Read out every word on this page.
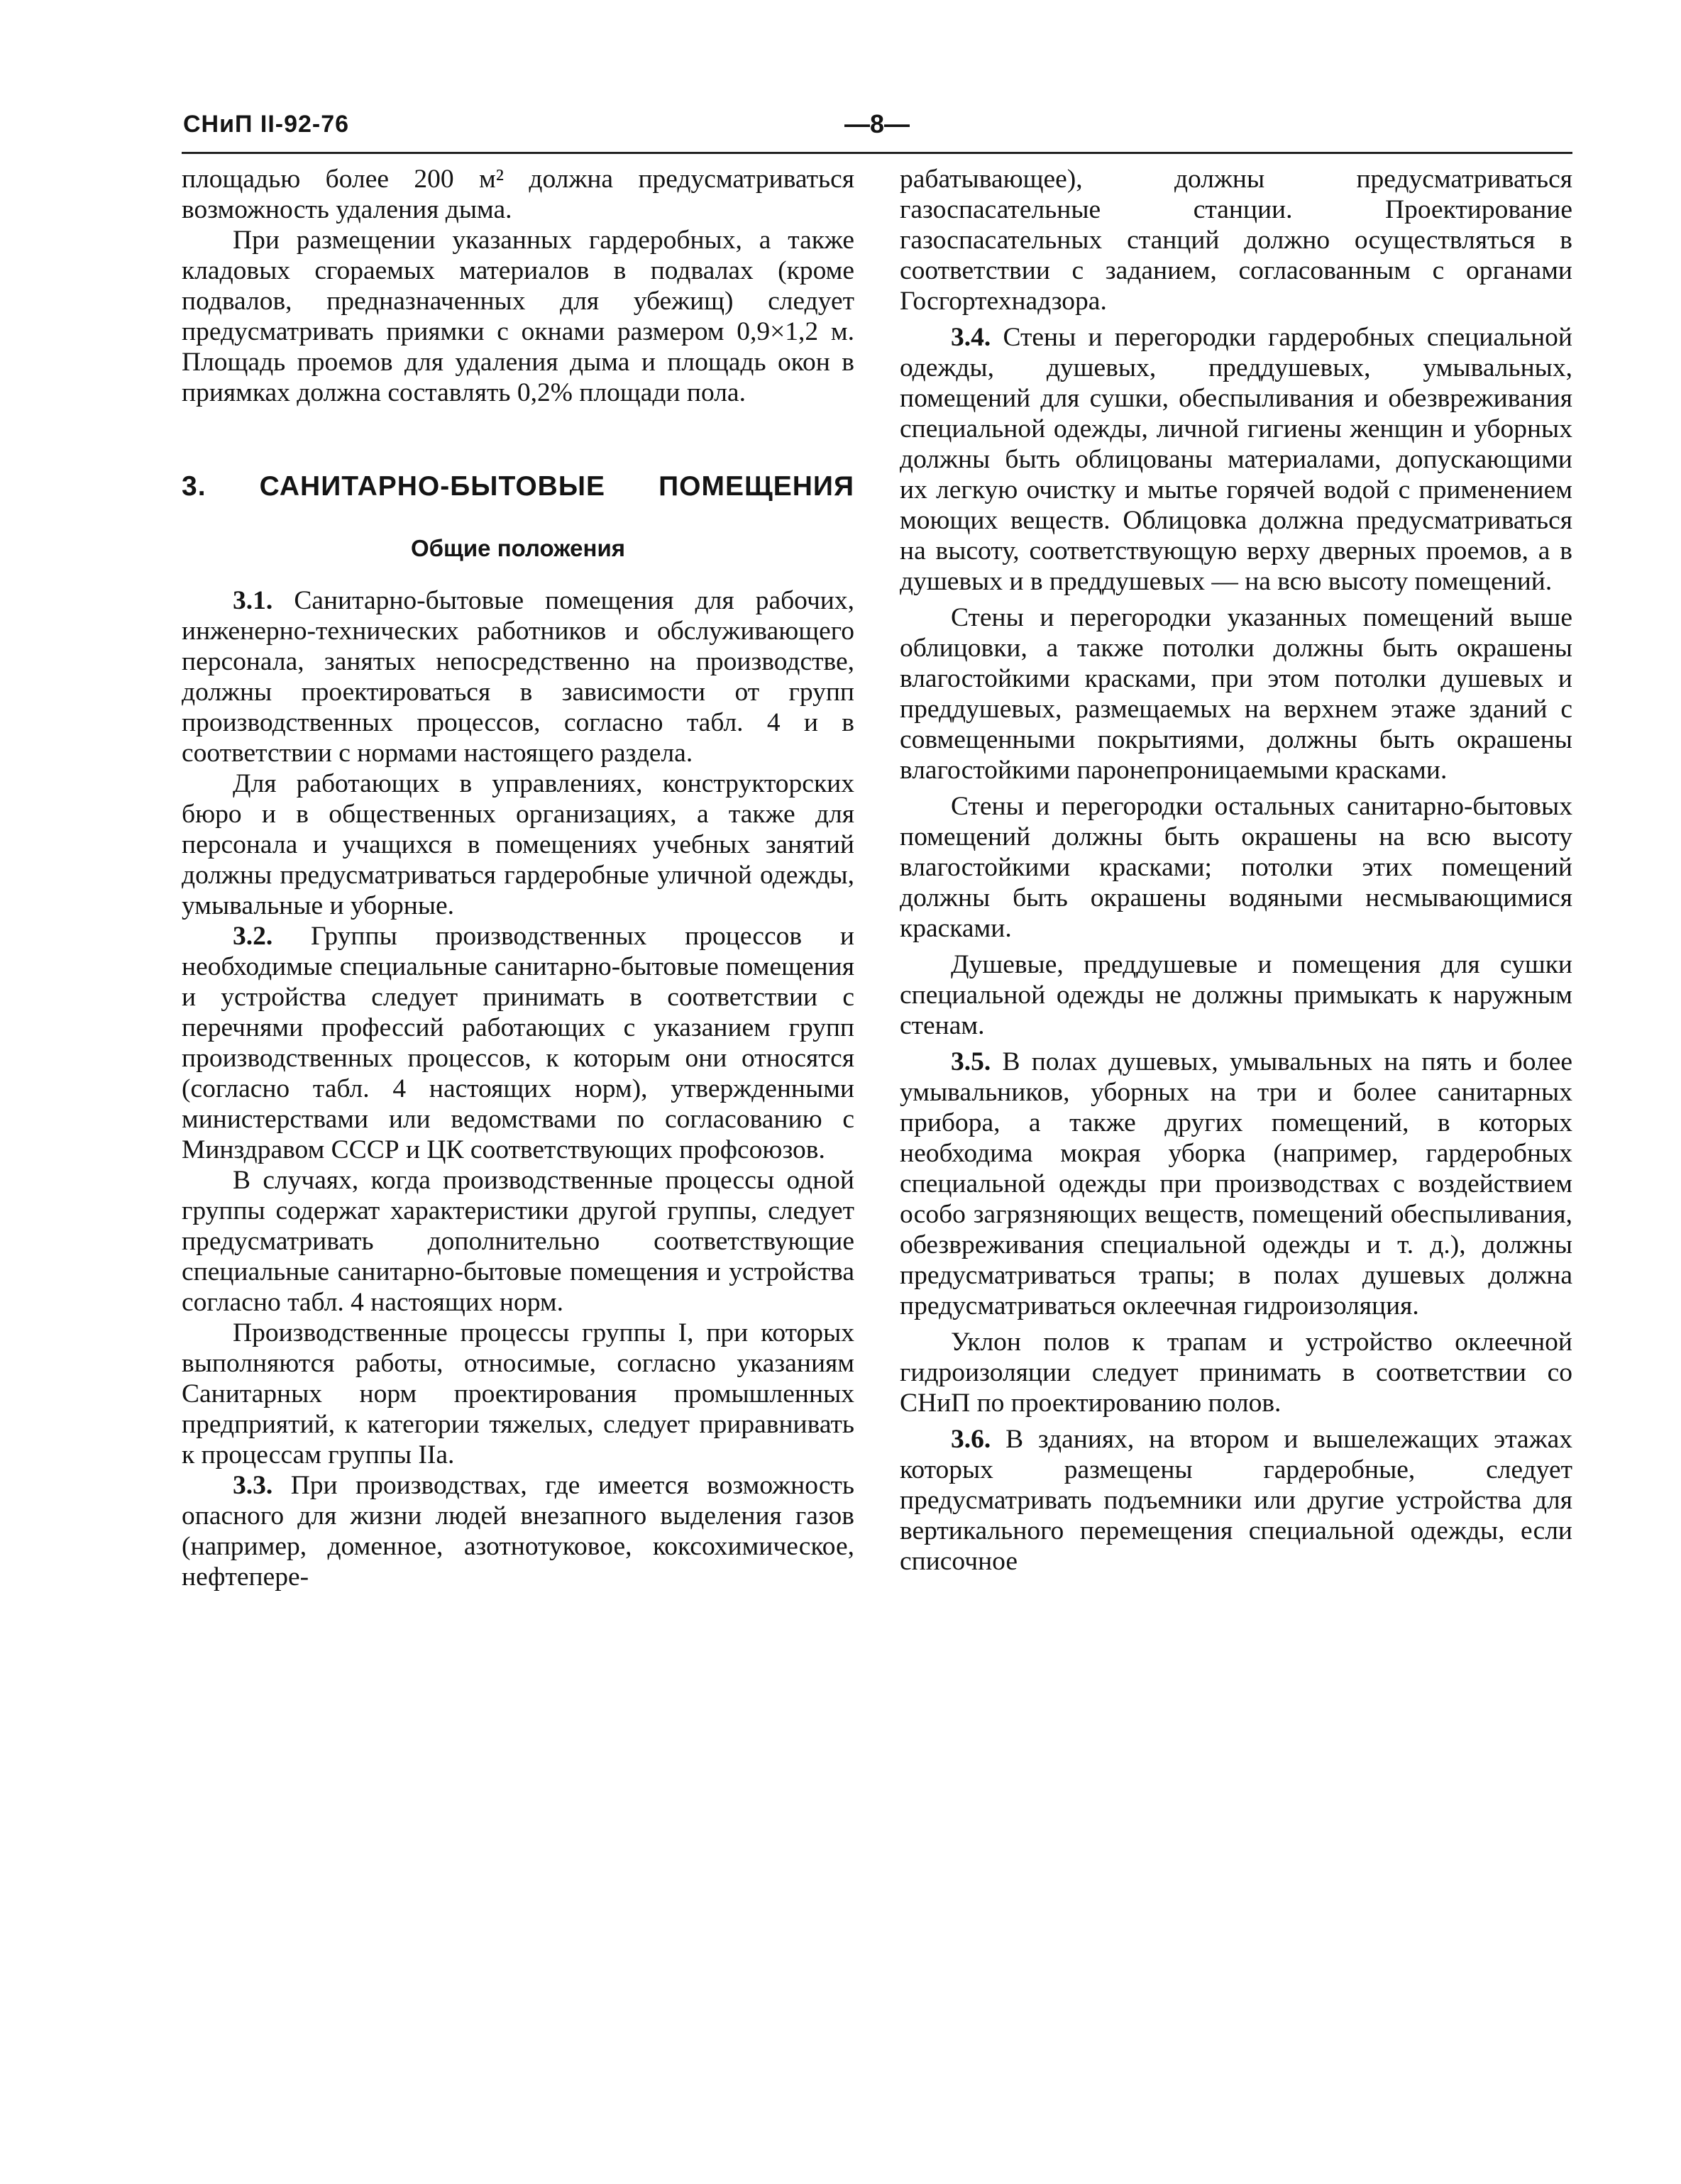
СНиП II-92-76	—8—

площадью более 200 м² должна предусматриваться возможность удаления дыма.

При размещении указанных гардеробных, а также кладовых сгораемых материалов в подвалах (кроме подвалов, предназначенных для убежищ) следует предусматривать приямки с окнами размером 0,9×1,2 м. Площадь проемов для удаления дыма и площадь окон в приямках должна составлять 0,2% площади пола.

3. САНИТАРНО-БЫТОВЫЕ ПОМЕЩЕНИЯ
Общие положения

3.1. Санитарно-бытовые помещения для рабочих, инженерно-технических работников и обслуживающего персонала, занятых непосредственно на производстве, должны проектироваться в зависимости от групп производственных процессов, согласно табл. 4 и в соответствии с нормами настоящего раздела.

Для работающих в управлениях, конструкторских бюро и в общественных организациях, а также для персонала и учащихся в помещениях учебных занятий должны предусматриваться гардеробные уличной одежды, умывальные и уборные.

3.2. Группы производственных процессов и необходимые специальные санитарно-бытовые помещения и устройства следует принимать в соответствии с перечнями профессий работающих с указанием групп производственных процессов, к которым они относятся (согласно табл. 4 настоящих норм), утвержденными министерствами или ведомствами по согласованию с Минздравом СССР и ЦК соответствующих профсоюзов.

В случаях, когда производственные процессы одной группы содержат характеристики другой группы, следует предусматривать дополнительно соответствующие специальные санитарно-бытовые помещения и устройства согласно табл. 4 настоящих норм.

Производственные процессы группы I, при которых выполняются работы, относимые, согласно указаниям Санитарных норм проектирования промышленных предприятий, к категории тяжелых, следует приравнивать к процессам группы IIа.

3.3. При производствах, где имеется возможность опасного для жизни людей внезапного выделения газов (например, доменное, азотнотуковое, коксохимическое, нефтепере-

рабатывающее), должны предусматриваться газоспасательные станции. Проектирование газоспасательных станций должно осуществляться в соответствии с заданием, согласованным с органами Госгортехнадзора.

3.4. Стены и перегородки гардеробных специальной одежды, душевых, преддушевых, умывальных, помещений для сушки, обеспыливания и обезвреживания специальной одежды, личной гигиены женщин и уборных должны быть облицованы материалами, допускающими их легкую очистку и мытье горячей водой с применением моющих веществ. Облицовка должна предусматриваться на высоту, соответствующую верху дверных проемов, а в душевых и в преддушевых — на всю высоту помещений.

Стены и перегородки указанных помещений выше облицовки, а также потолки должны быть окрашены влагостойкими красками, при этом потолки душевых и преддушевых, размещаемых на верхнем этаже зданий с совмещенными покрытиями, должны быть окрашены влагостойкими паронепроницаемыми красками.

Стены и перегородки остальных санитарно-бытовых помещений должны быть окрашены на всю высоту влагостойкими красками; потолки этих помещений должны быть окрашены водяными несмывающимися красками.

Душевые, преддушевые и помещения для сушки специальной одежды не должны примыкать к наружным стенам.

3.5. В полах душевых, умывальных на пять и более умывальников, уборных на три и более санитарных прибора, а также других помещений, в которых необходима мокрая уборка (например, гардеробных специальной одежды при производствах с воздействием особо загрязняющих веществ, помещений обеспыливания, обезвреживания специальной одежды и т. д.), должны предусматриваться трапы; в полах душевых должна предусматриваться оклеечная гидроизоляция.

Уклон полов к трапам и устройство оклеечной гидроизоляции следует принимать в соответствии со СНиП по проектированию полов.

3.6. В зданиях, на втором и вышележащих этажах которых размещены гардеробные, следует предусматривать подъемники или другие устройства для вертикального перемещения специальной одежды, если списочное
